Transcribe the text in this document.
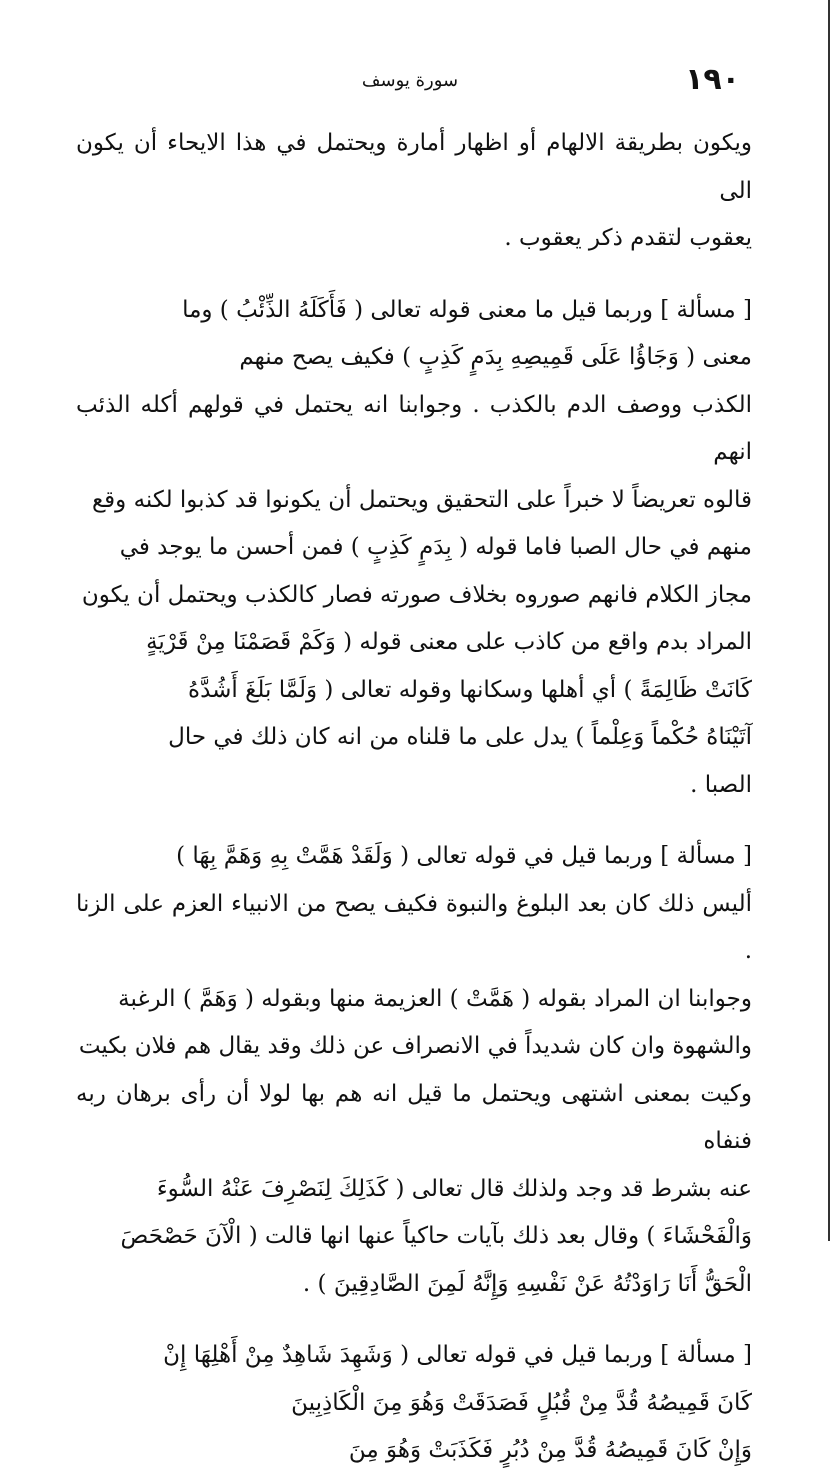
١٩٠
سورة يوسف
ويكون بطريقة الالهام أو اظهار أمارة ويحتمل في هذا الايحاء أن يكون الى
يعقوب لتقدم ذكر يعقوب .
[ مسألة ] وربما قيل ما معنى قوله تعالى ( فَأَكَلَهُ الذِّئْبُ ) وما
معنى ( وَجَاؤُا عَلَى قَمِيصِهِ بِدَمٍ كَذِبٍ ) فكيف يصح منهم
الكذب ووصف الدم بالكذب . وجوابنا انه يحتمل في قولهم أكله الذئب انهم
قالوه تعريضاً لا خبراً على التحقيق ويحتمل أن يكونوا قد كذبوا لكنه وقع
منهم في حال الصبا فاما قوله ( بِدَمٍ كَذِبٍ ) فمن أحسن ما يوجد في
مجاز الكلام فانهم صوروه بخلاف صورته فصار كالكذب ويحتمل أن يكون
المراد بدم واقع من كاذب على معنى قوله ( وَكَمْ قَصَمْنَا مِنْ قَرْيَةٍ
كَانَتْ ظَالِمَةً ) أي أهلها وسكانها وقوله تعالى ( وَلَمَّا بَلَغَ أَشُدَّهُ
آتَيْنَاهُ حُكْماً وَعِلْماً ) يدل على ما قلناه من انه كان ذلك في حال
الصبا .
[ مسألة ] وربما قيل في قوله تعالى ( وَلَقَدْ هَمَّتْ بِهِ وَهَمَّ بِهَا )
أليس ذلك كان بعد البلوغ والنبوة فكيف يصح من الانبياء العزم على الزنا .
وجوابنا ان المراد بقوله ( هَمَّتْ ) العزيمة منها وبقوله ( وَهَمَّ ) الرغبة
والشهوة وان كان شديداً في الانصراف عن ذلك وقد يقال هم فلان بكيت
وكيت بمعنى اشتهى ويحتمل ما قيل انه هم بها لولا أن رأى برهان ربه فنفاه
عنه بشرط قد وجد ولذلك قال تعالى ( كَذَلِكَ لِنَصْرِفَ عَنْهُ السُّوءَ
وَالْفَحْشَاءَ ) وقال بعد ذلك بآيات حاكياً عنها انها قالت ( الْآنَ حَصْحَصَ
الْحَقُّ أَنَا رَاوَدْتُهُ عَنْ نَفْسِهِ وَإِنَّهُ لَمِنَ الصَّادِقِينَ ) .
[ مسألة ] وربما قيل في قوله تعالى ( وَشَهِدَ شَاهِدٌ مِنْ أَهْلِهَا إِنْ
كَانَ قَمِيصُهُ قُدَّ مِنْ قُبُلٍ فَصَدَقَتْ وَهُوَ مِنَ الْكَاذِبِينَ
وَإِنْ كَانَ قَمِيصُهُ قُدَّ مِنْ دُبُرٍ فَكَذَبَتْ وَهُوَ مِنَ
